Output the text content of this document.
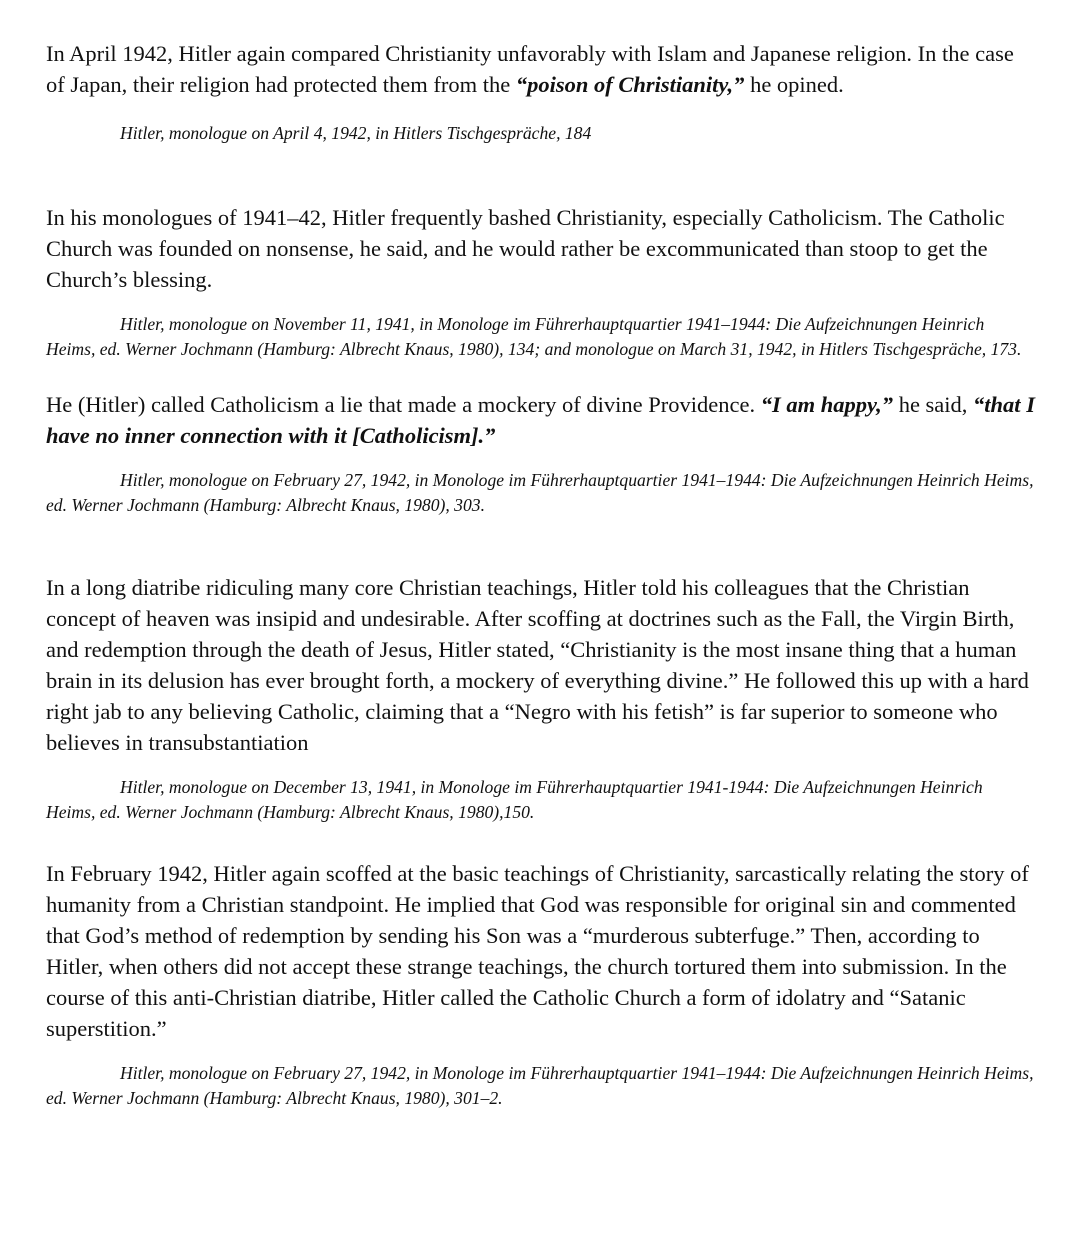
In April 1942, Hitler again compared Christianity unfavorably with Islam and Japanese religion. In the case of Japan, their religion had protected them from the “poison of Christianity,” he opined.

Hitler, monologue on April 4, 1942, in Hitlers Tischgespräche, 184

In his monologues of 1941–42, Hitler frequently bashed Christianity, especially Catholicism. The Catholic Church was founded on nonsense, he said, and he would rather be excommunicated than stoop to get the Church’s blessing.

Hitler, monologue on November 11, 1941, in Monologe im Führerhauptquartier 1941–1944: Die Aufzeichnungen Heinrich Heims, ed. Werner Jochmann (Hamburg: Albrecht Knaus, 1980), 134; and monologue on March 31, 1942, in Hitlers Tischgespräche, 173.

He (Hitler) called Catholicism a lie that made a mockery of divine Providence. “I am happy,” he said, “that I have no inner connection with it [Catholicism].”

Hitler, monologue on February 27, 1942, in Monologe im Führerhauptquartier 1941–1944: Die Aufzeichnungen Heinrich Heims, ed. Werner Jochmann (Hamburg: Albrecht Knaus, 1980), 303.

In a long diatribe ridiculing many core Christian teachings, Hitler told his colleagues that the Christian concept of heaven was insipid and undesirable. After scoffing at doctrines such as the Fall, the Virgin Birth, and redemption through the death of Jesus, Hitler stated, “Christianity is the most insane thing that a human brain in its delusion has ever brought forth, a mockery of everything divine.” He followed this up with a hard right jab to any believing Catholic, claiming that a “Negro with his fetish” is far superior to someone who believes in transubstantiation

Hitler, monologue on December 13, 1941, in Monologe im Führerhauptquartier 1941-1944: Die Aufzeichnungen Heinrich Heims, ed. Werner Jochmann (Hamburg: Albrecht Knaus, 1980),150.

In February 1942, Hitler again scoffed at the basic teachings of Christianity, sarcastically relating the story of humanity from a Christian standpoint. He implied that God was responsible for original sin and commented that God’s method of redemption by sending his Son was a “murderous subterfuge.” Then, according to Hitler, when others did not accept these strange teachings, the church tortured them into submission. In the course of this anti-Christian diatribe, Hitler called the Catholic Church a form of idolatry and “Satanic superstition.”

Hitler, monologue on February 27, 1942, in Monologe im Führerhauptquartier 1941–1944: Die Aufzeichnungen Heinrich Heims, ed. Werner Jochmann (Hamburg: Albrecht Knaus, 1980), 301–2.
